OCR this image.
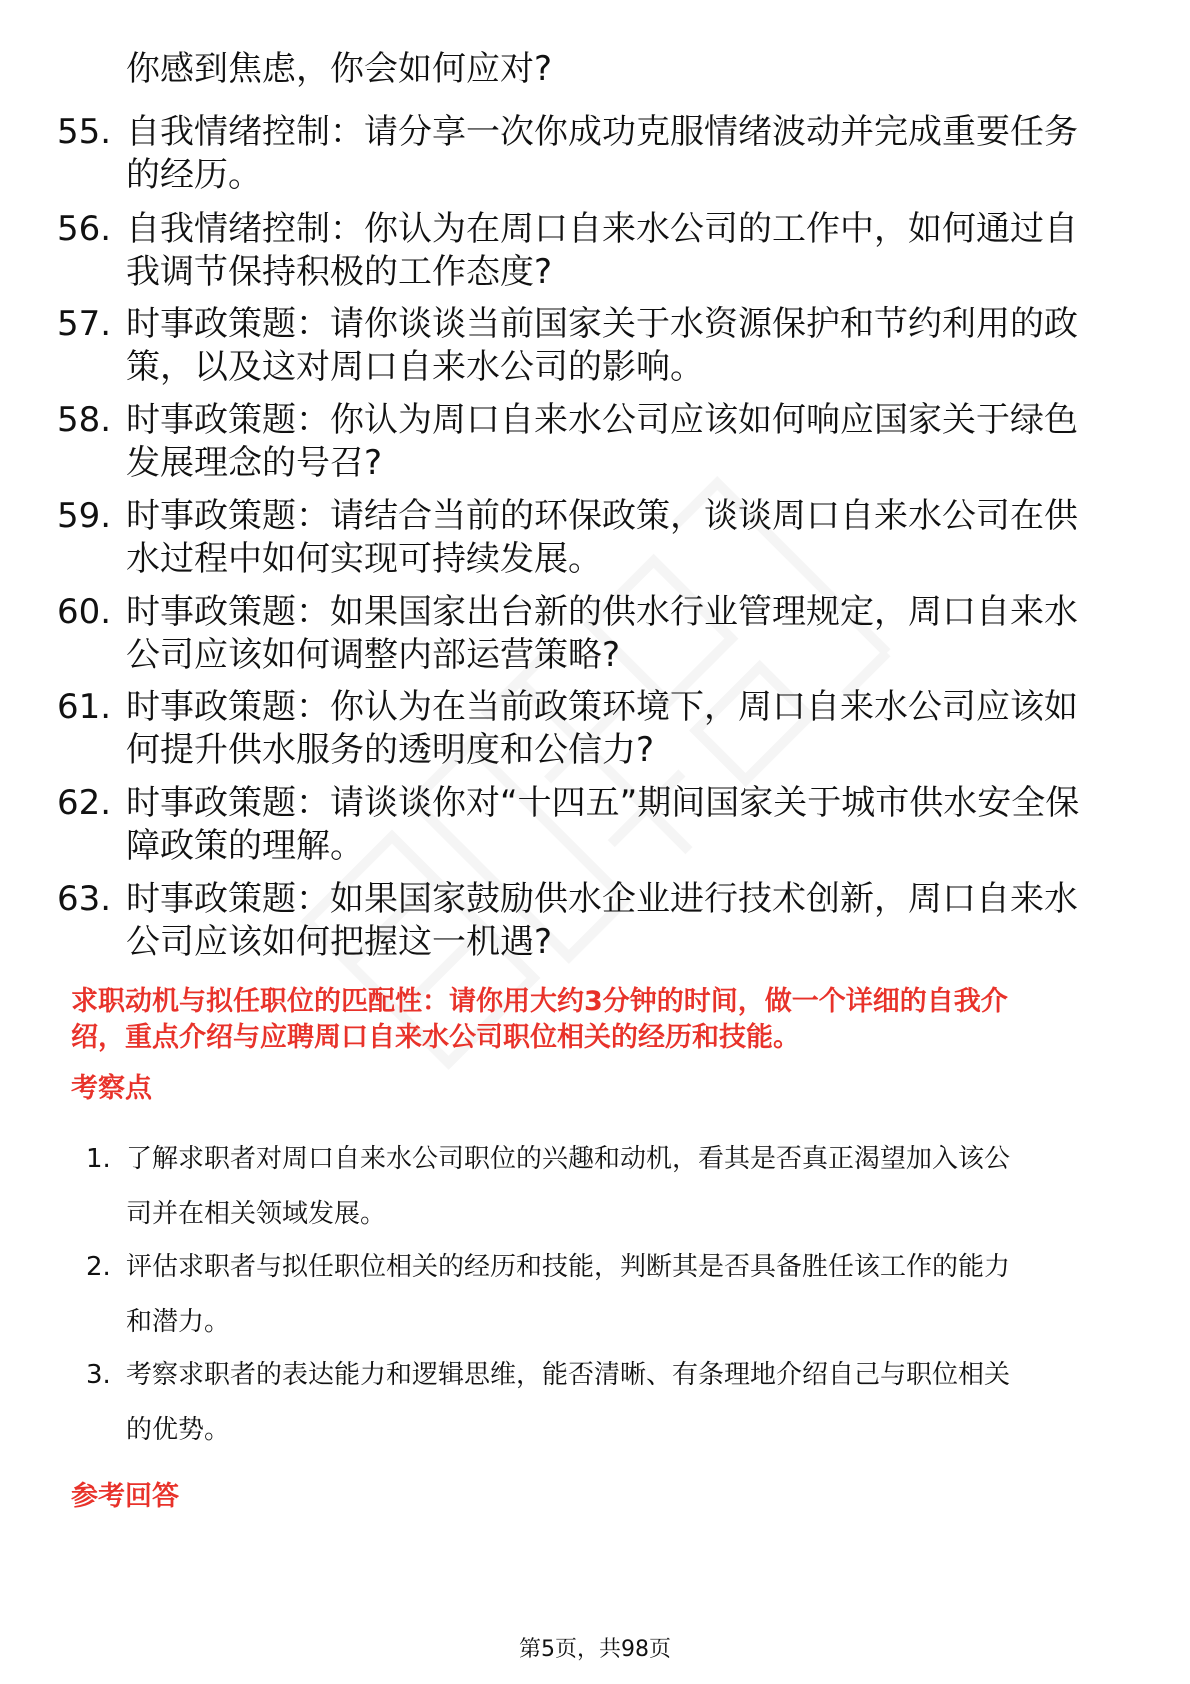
你感到焦虑，你会如何应对?
55. 自我情绪控制：请分享一次你成功克服情绪波动并完成重要任务
的经历。
56. 自我情绪控制：你认为在周口自来水公司的工作中，如何通过自
我调节保持积极的工作态度?
57. 时事政策题：请你谈谈当前国家关于水资源保护和节约利用的政
策，以及这对周口自来水公司的影响。
58. 时事政策题：你认为周口自来水公司应该如何响应国家关于绿色
发展理念的号召?
59. 时事政策题：请结合当前的环保政策，谈谈周口自来水公司在供
水过程中如何实现可持续发展。
60. 时事政策题：如果国家出台新的供水行业管理规定，周口自来水
公司应该如何调整内部运营策略?
61. 时事政策题：你认为在当前政策环境下，周口自来水公司应该如
何提升供水服务的透明度和公信力?
62. 时事政策题：请谈谈你对“十四五”期间国家关于城市供水安全保
障政策的理解。
63. 时事政策题：如果国家鼓励供水企业进行技术创新，周口自来水
公司应该如何把握这一机遇?
求职动机与拟任职位的匹配性：请你用大约3分钟的时间，做一个详细的自我介
绍，重点介绍与应聘周口自来水公司职位相关的经历和技能。
考察点
1. 了解求职者对周口自来水公司职位的兴趣和动机，看其是否真正渴望加入该公
司并在相关领域发展。
2. 评估求职者与拟任职位相关的经历和技能，判断其是否具备胜任该工作的能力
和潜力。
3. 考察求职者的表达能力和逻辑思维，能否清晰、有条理地介绍自己与职位相关
的优势。
参考回答
第5页，共98页
